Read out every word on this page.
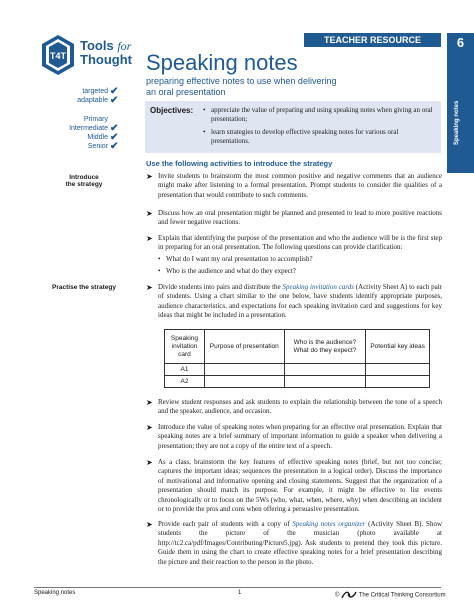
T4T
Tools for
Thought
targeted ✔
adaptable ✔
Primary
Intermediate ✔
Middle ✔
Senior ✔
Introduce
the strategy
Practise the strategy
TEACHER RESOURCE	6
Speaking notes
Speaking notes
preparing effective notes to use when delivering an oral presentation
Objectives:	• appreciate the value of preparing and using speaking notes when giving an oral presentation;
• learn strategies to develop effective speaking notes for various oral presentations.
Use the following activities to introduce the strategy
➤ Invite students to brainstorm the most common positive and negative comments that an audience might make after listening to a formal presentation. Prompt students to consider the qualities of a presentation that would contribute to such comments.
➤ Discuss how an oral presentation might be planned and presented to lead to more positive reactions and fewer negative reactions.
➤ Explain that identifying the purpose of the presentation and who the audience will be is the first step in preparing for an oral presentation. The following questions can provide clarification:
• What do I want my oral presentation to accomplish?
• Who is the audience and what do they expect?
➤ Divide students into pairs and distribute the Speaking invitation cards (Activity Sheet A) to each pair of students. Using a chart similar to the one below, have students identify appropriate purposes, audience characteristics, and expectations for each speaking invitation card and suggestions for key ideas that might be included in a presentation.
Speaking invitation card	Purpose of presentation	Who is the audience? What do they expect?	Potential key ideas
A1			
A2			
➤ Review student responses and ask students to explain the relationship between the tone of a speech and the speaker, audience, and occasion.
➤ Introduce the value of speaking notes when preparing for an effective oral presentation. Explain that speaking notes are a brief summary of important information to guide a speaker when delivering a presentation; they are not a copy of the entire text of a speech.
➤ As a class, brainstorm the key features of effective speaking notes (brief, but not too concise; captures the important ideas; sequences the presentation in a logical order). Discuss the importance of motivational and informative opening and closing statements. Suggest that the organization of a presentation should match its purpose. For example, it might be effective to list events chronologically or to focus on the 5Ws (who, what, when, where, why) when describing an incident or to provide the pros and cons when offering a persuasive presentation.
➤ Provide each pair of students with a copy of Speaking notes organizer (Activity Sheet B). Show students the picture of the musician (photo available at http://tc2.ca/pdf/Images/Contributing/Picture5.jpg). Ask students to pretend they took this picture. Guide them in using the chart to create effective speaking notes for a brief presentation describing the picture and their reaction to the person in the photo.
Speaking notes	1	©	The Critical Thinking Consortium
